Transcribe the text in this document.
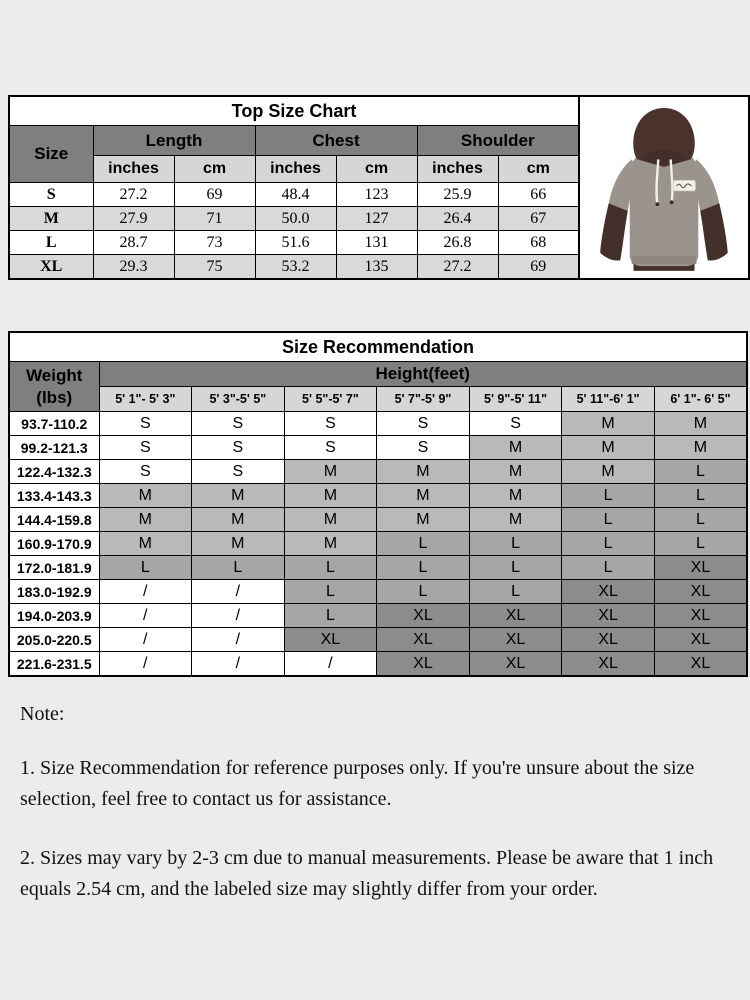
Top Size Chart						
Size	Length		Chest		Shoulder	
	inches	cm	inches	cm	inches	cm
S	27.2	69	48.4	123	25.9	66
M	27.9	71	50.0	127	26.4	67
L	28.7	73	51.6	131	26.8	68
XL	29.3	75	53.2	135	27.2	69
Size Recommendation							
Weight
(lbs)	Height(feet)						
	5' 1"- 5' 3"	5' 3"-5' 5"	5' 5"-5' 7"	5' 7"-5' 9"	5' 9"-5' 11"	5' 11"-6' 1"	6' 1"- 6' 5"
93.7-110.2	S	S	S	S	S	M	M
99.2-121.3	S	S	S	S	M	M	M
122.4-132.3	S	S	M	M	M	M	L
133.4-143.3	M	M	M	M	M	L	L
144.4-159.8	M	M	M	M	M	L	L
160.9-170.9	M	M	M	L	L	L	L
172.0-181.9	L	L	L	L	L	L	XL
183.0-192.9	/	/	L	L	L	XL	XL
194.0-203.9	/	/	L	XL	XL	XL	XL
205.0-220.5	/	/	XL	XL	XL	XL	XL
221.6-231.5	/	/	/	XL	XL	XL	XL

Note:

1. Size Recommendation for reference purposes only. If you're unsure about the size selection, feel free to contact us for assistance.

2. Sizes may vary by 2-3 cm due to manual measurements. Please be aware that 1 inch equals 2.54 cm, and the labeled size may slightly differ from your order.
